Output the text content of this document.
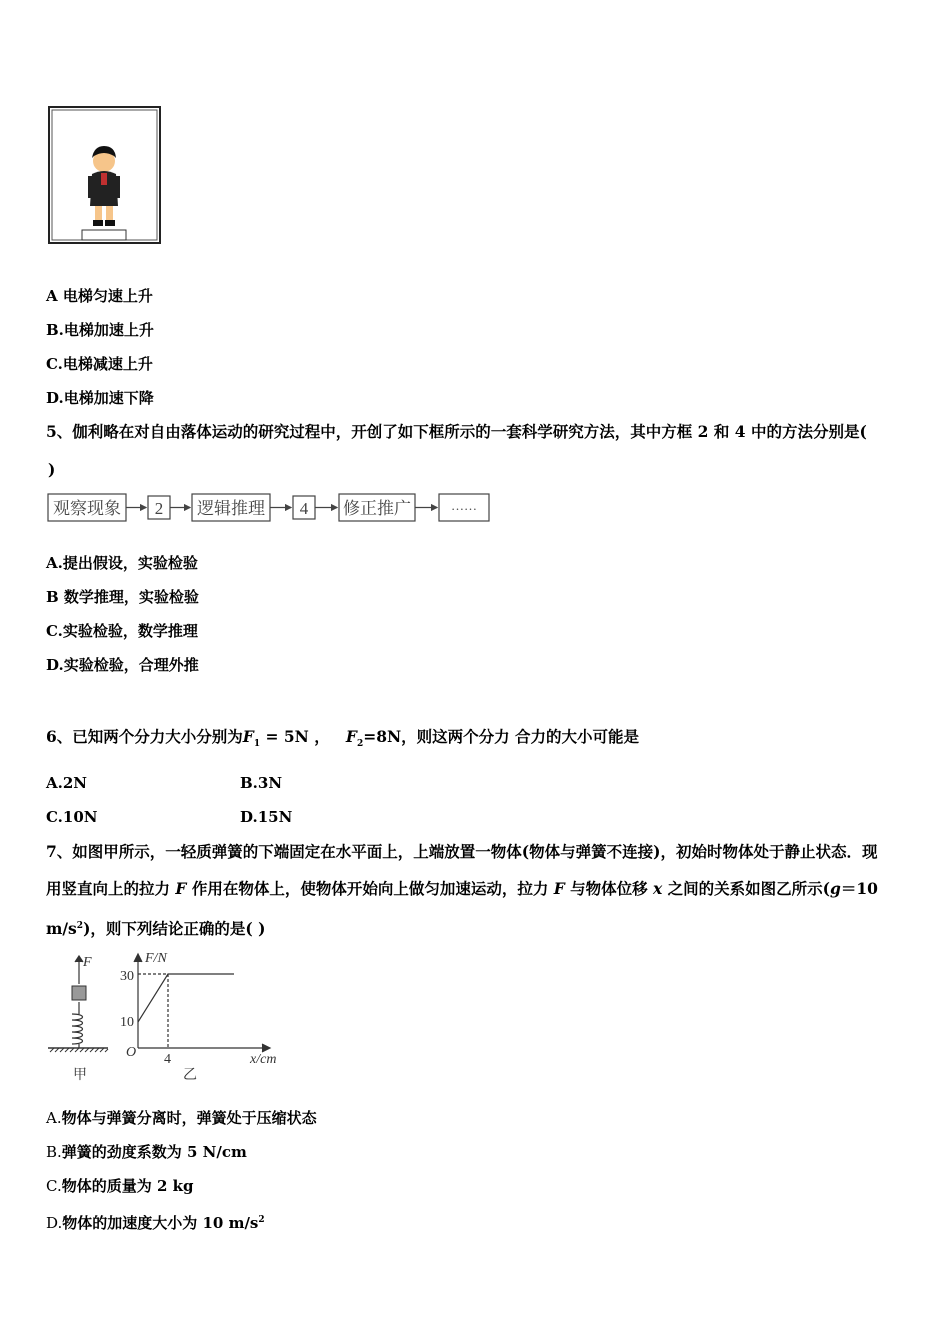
A 电梯匀速上升
B.电梯加速上升
C.电梯减速上升
D.电梯加速下降
5、伽利略在对自由落体运动的研究过程中，开创了如下框所示的一套科学研究方法，其中方框 2 和 4 中的方法分别是(
)
观察现象 2 逻辑推理 4 修正推广	……
A.提出假设，实验检验
B 数学推理，实验检验
C.实验检验，数学推理
D.实验检验，合理外推
6、已知两个分力大小分别为$F_1 = 5N$ ， $F_2=8N$，则这两个分力 合力的大小可能是
A.2N	B.3N
C.10N	D.15N
7、如图甲所示，一轻质弹簧的下端固定在水平面上，上端放置一物体(物体与弹簧不连接)，初始时物体处于静止状态．现
用竖直向上的拉力 F 作用在物体上，使物体开始向上做匀加速运动，拉力 F 与物体位移 x 之间的关系如图乙所示(g＝10
$m/s^2$)，则下列结论正确的是( )
F
甲
F/N
30
10
O 4	x/cm
乙
A.物体与弹簧分离时，弹簧处于压缩状态
B.弹簧的劲度系数为 5 N/cm
C.物体的质量为 2 kg
D.物体的加速度大小为 10 $m/s^2$
